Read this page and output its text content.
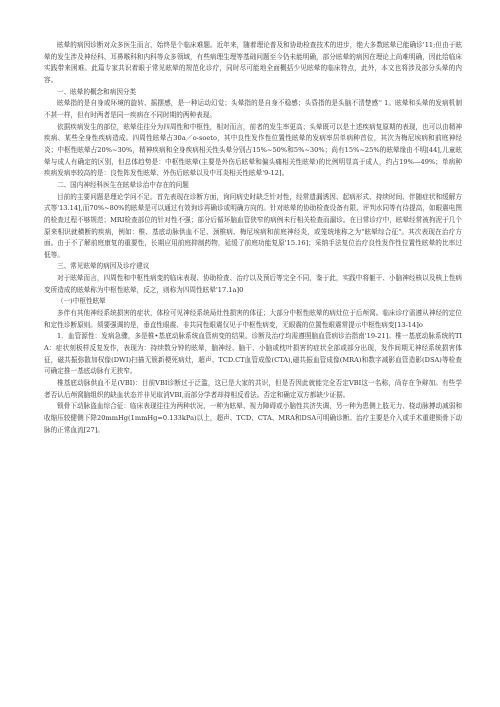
眩晕的病因诊断对众多医生而言，始终是个临床难题。近年来，随着理论普及和协助检查技术的进步，绝大多数眩晕已能确诊'11;但由于眩晕的发生涉及神经科、耳鼻喉科和内科等众多领域，有些病理生理等基础问题至今仍未能明确，部分眩晕的病因在理论上尚难明确，因此给临床实践带来困难。此篇专家共识着眼于常见眩晕的规范化诊疗，同时尽可能地全面概括少见眩晕的临床特点，此外，本文也将涉及部分头晕的内容。

一、眩晕的概念和病因分类

眩晕指的是自身或环境的旋转、摇摆感，是一种运动幻觉；头晕指的是自身不稳感；头昏指的是头脑不清楚感'' 1。眩晕和头晕的发病机制不甚一样，但有时两者是同一疾病在不同时期的两种表现。

依据疾病发生的部位，眩晕往往分为四周性和中枢性，相对而言，前者的发生率更高；头晕既可以是土述疾病复原期的表现，也可以由精神疾病、某些全身性疾病造成。四周性眩晕占30a／o-soeto，其中良性发作性位置性眩晕的发病率居单病种首位，其次为梅尼埃病和前庭神经炎；中枢性眩晕占20%~30%，精神疾病和全身疾病相关性头晕分别占15%~50%和5%~30%；尚有15%~25%的眩晕缘由不明[44],儿童眩晕与成人有确定的区别，但总体趋势是：中枢性眩晕(主要是外伤后眩晕和偏头痛相关性眩晕)的比例明显高于成人，约占19%—49%；单病种疾病发病率较高的是：良性阵发性眩晕、外伤后眩晕以及中耳炎相关性眩晕'9-12]。

二、国内神经科医生在眩晕诊治中存在的问题

目前的主要问题是理论学问不足。首先表现在诊断方面，询问病史时缺乏针对性，经常遗漏诱因、起病形式、持续时间、伴随症状和缓解方式等'13.14],而70%~80%的眩晕是可以通过有效询诊再确诊或明确方向的。针对眩晕的协助检查设备有限、评判水同等有待提高，如眼震电图的检查过程不够规范；MRI检查部位的针对性不强；部分后循环脑血管狭窄的病例未行相关检查而漏诊。在日常诊疗中，眩晕经常被拘泥于几个原来相识就横断的疾病，例如：椎、基底动脉供血不足、颈椎病、梅尼埃病和前庭神经炎，或笼统地称之为"眩晕综合征"。其次表现在治疗方面。由于不了解前庭康复的重要性，长期应用前庭抑制药物，延缓了前庭功能复原'15.16]；采纳手法复位治疗良性发作性位置性眩晕的比率过低等。

三、常见眩晕的病因及诊疗建议

对于眩晕而言，四周性和中枢性病变的临床表现、协助检查、治疗以及预后等完全不同，鉴于此，实践中将躯干、小脑神经核以及核上性病变所造成的眩晕称为中枢性眩晕，反之，则称为四周性眩晕'17.1a]0

（一)中枢性眩晕

多伴有其他神经系统损害的症状，体检可见神经系统局灶性损害的体征；大部分中枢性眩晕的病灶位于后颅窝。临床诊疗需遵从神经的定位和定性诊断原则。须要强调的是，垂直性眼震、非共同性眼震仅见于中枢性病变，无眼震的位置性眼震常提示中枢性病变[13-14]o

1．血管源性：发病急骤，多是椎•基底动脉系统血管病变的结果。诊断及治疗均需遵照脑血管病诊治指南'19-21]。椎一基底动脉系统的TIA：症状刻板样反复发作，表现为：持续数分钟的眩晕，脑神经、脑干、小脑或枕叶损害的症状全部或部分出现，发作间期无神经系统损害体征，磁共振弥散加权像(DWI)扫描无簇新梗死病灶，超声、TCD.CT血管成像(CTA),磁共振血管成像(MRA)和数字减影血管造影(DSA)等检查可确定推一基底动脉有无狭窄。

椎基底动脉供血不足(VBI)：目前VBI诊断过于泛滥，这已是大家的共识，但是否因此就能完全否定VBI这一名称，尚存在争辩加。有些学者否认后颅窝脑组织的缺血状态并非见取消VBI,而部分学者却持相反看法。否定和确定双方都缺少证据。

锁骨下动脉盗血综合征：临床表现往往为两种状况，一种为眩晕、视力障碍或小脑性共济失调，另一种为患侧上肢无力、桡动脉搏动减弱和收缩压较健侧下降20mmHg(1mmHg=0.133kPa)以上，超声、TCD、CTA、MRA和DSA可明确诊断。治疗主要是介入或手术重建锁骨下动脉的正常血流[27]。
